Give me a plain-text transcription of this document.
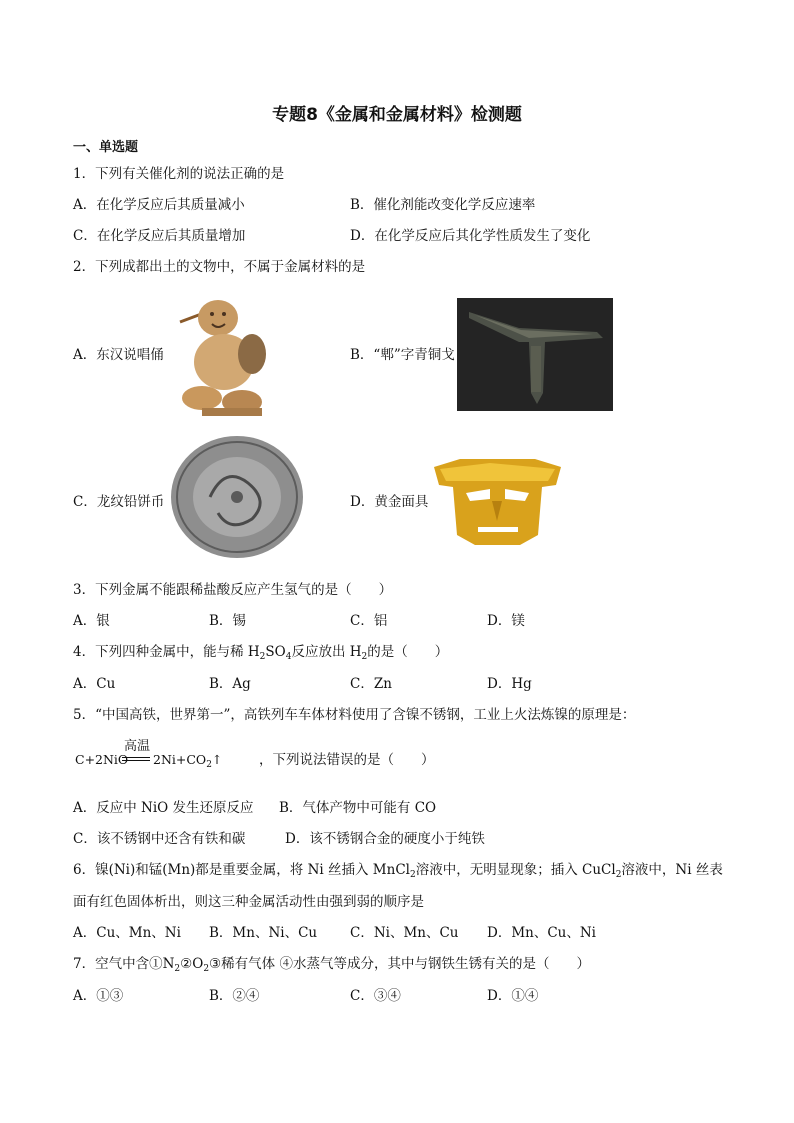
专题8《金属和金属材料》检测题
一、单选题
1．下列有关催化剂的说法正确的是
A．在化学反应后其质量减小	B．催化剂能改变化学反应速率
C．在化学反应后其质量增加	D．在化学反应后其化学性质发生了变化
2．下列成都出土的文物中，不属于金属材料的是
A．东汉说唱俑	B．“郫”字青铜戈
C．龙纹铅饼币	D．黄金面具
3．下列金属不能跟稀盐酸反应产生氢气的是（　　）
A．银	B．锡	C．铝	D．镁
4．下列四种金属中，能与稀 $H_2SO_4$反应放出 $H_2$的是（　　）
A．Cu	B．Ag	C．Zn	D．Hg
5．“中国高铁，世界第一”，高铁列车车体材料使用了含镍不锈钢，工业上火法炼镍的原理是：
C+2NiO
高温
$2Ni+CO_2↑$	，下列说法错误的是（　　）
A．反应中 NiO 发生还原反应 B．气体产物中可能有 CO
C．该不锈钢中还含有铁和碳	D．该不锈钢合金的硬度小于纯铁
6．镍(Ni)和锰(Mn)都是重要金属，将 Ni 丝插入 MnCl$_2$溶液中，无明显现象；插入 CuCl$_2$溶液中，Ni 丝表
面有红色固体析出，则这三种金属活动性由强到弱的顺序是
A．Cu、Mn、Ni B．Mn、Ni、Cu C．Ni、Mn、Cu D．Mn、Cu、Ni
7．空气中含$①N_2②O_2③$稀有气体 ④水蒸气等成分，其中与钢铁生锈有关的是（　　）
A．①③	B．②④	C．③④	D．①④
